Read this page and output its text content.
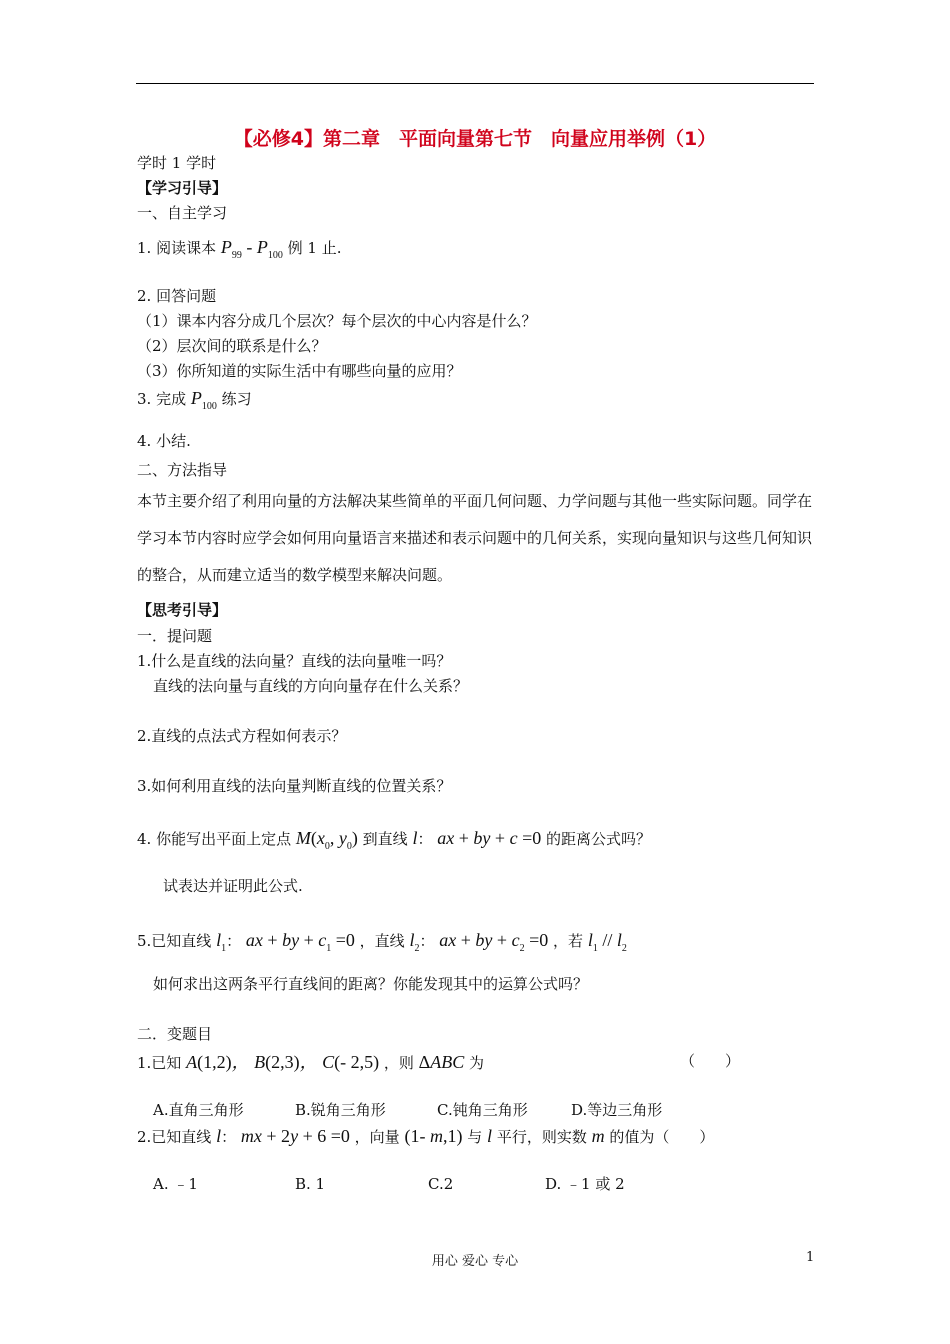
【必修4】第二章　平面向量第七节　向量应用举例（1）
学时 1 学时
【学习引导】
一、自主学习
1. 阅读课本 $P_{99} - P_{100}$ 例 1 止.
2. 回答问题
（1）课本内容分成几个层次？每个层次的中心内容是什么？
（2）层次间的联系是什么？
（3）你所知道的实际生活中有哪些向量的应用？
3. 完成 $P_{100}$ 练习
4. 小结.
二、方法指导
本节主要介绍了利用向量的方法解决某些简单的平面几何问题、力学问题与其他一些实际问题。同学在学习本节内容时应学会如何用向量语言来描述和表示问题中的几何关系，实现向量知识与这些几何知识的整合，从而建立适当的数学模型来解决问题。
【思考引导】
一．提问题
1.什么是直线的法向量？直线的法向量唯一吗？
直线的法向量与直线的方向向量存在什么关系？
2.直线的点法式方程如何表示？
3.如何利用直线的法向量判断直线的位置关系？
4. 你能写出平面上定点 $M(x_0$, $y_0$) 到直线 l： ax + by + c =0 的距离公式吗？
试表达并证明此公式.
5.已知直线 $l_1$： ax + by + $c_1 =0$ ，直线 $l_2$： ax + by + $c_2 =0$ ，若 $l_1 // l_2$
如何求出这两条平行直线间的距离？你能发现其中的运算公式吗？
二．变题目
1.已知 A(1,2)， B(2,3)， C(- 2,5) ，则 ΔABC 为	（　　）
A.直角三角形	B.锐角三角形	C.钝角三角形	D.等边三角形
2.已知直线 l： mx + 2y + 6 =0 ，向量 (1- m,1) 与 l 平行，则实数 m 的值为（　　）
A. ﹣1	B. 1	C.2	D. ﹣1 或 2
用心 爱心 专心	1
